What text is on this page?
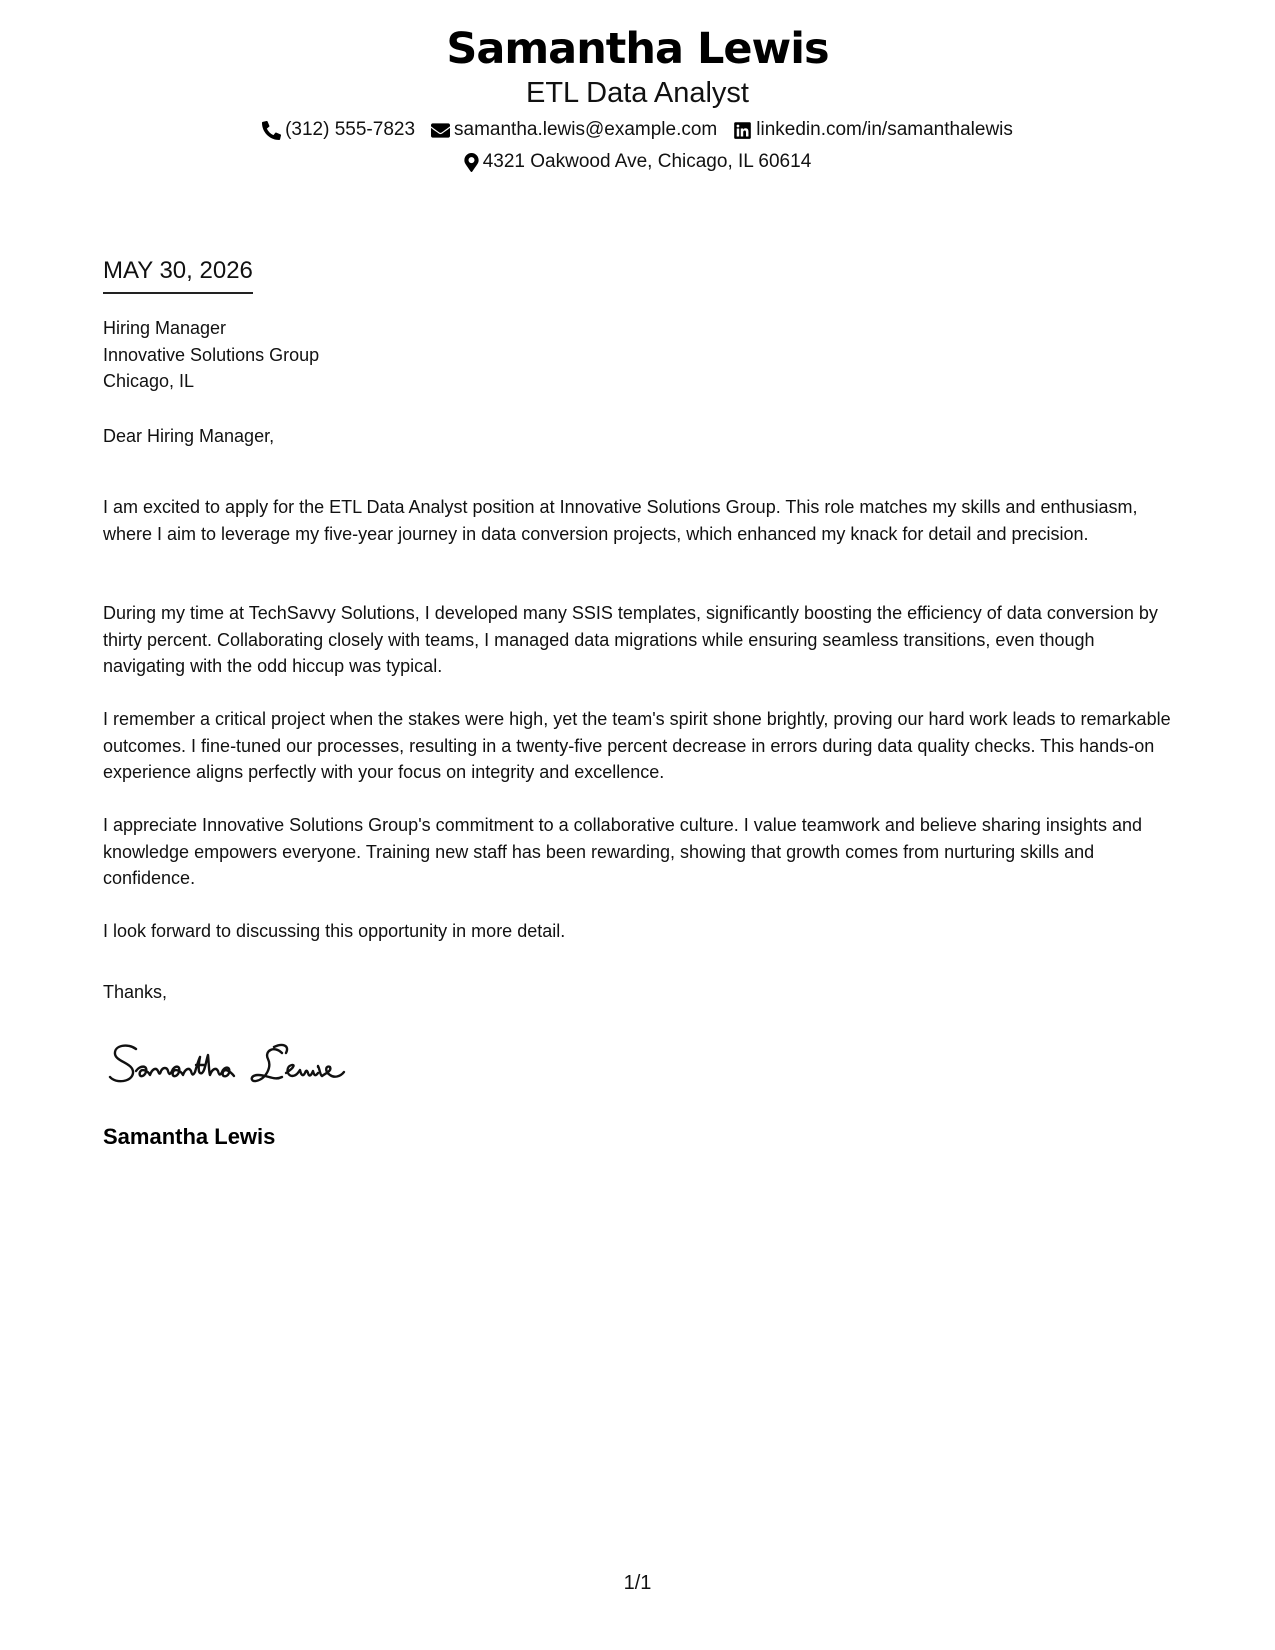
Samantha Lewis
ETL Data Analyst
(312) 555-7823 samantha.lewis@example.com linkedin.com/in/samanthalewis
4321 Oakwood Ave, Chicago, IL 60614
MAY 30, 2026
Hiring Manager
Innovative Solutions Group
Chicago, IL
Dear Hiring Manager,

I am excited to apply for the ETL Data Analyst position at Innovative Solutions Group. This role matches my skills and enthusiasm, where I aim to leverage my five-year journey in data conversion projects, which enhanced my knack for detail and precision.

During my time at TechSavvy Solutions, I developed many SSIS templates, significantly boosting the efficiency of data conversion by thirty percent. Collaborating closely with teams, I managed data migrations while ensuring seamless transitions, even though navigating with the odd hiccup was typical.

I remember a critical project when the stakes were high, yet the team's spirit shone brightly, proving our hard work leads to remarkable outcomes. I fine-tuned our processes, resulting in a twenty-five percent decrease in errors during data quality checks. This hands-on experience aligns perfectly with your focus on integrity and excellence.

I appreciate Innovative Solutions Group's commitment to a collaborative culture. I value teamwork and believe sharing insights and knowledge empowers everyone. Training new staff has been rewarding, showing that growth comes from nurturing skills and confidence.

I look forward to discussing this opportunity in more detail.

Thanks,
Samantha Lewis
1/1
